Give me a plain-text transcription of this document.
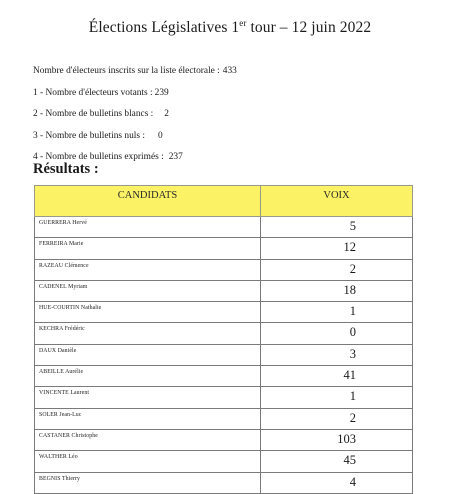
Élections Législatives 1er tour – 12 juin 2022
Nombre d'électeurs inscrits sur la liste électorale : 433
1 - Nombre d'électeurs votants : 239
2 - Nombre de bulletins blancs : 2
3 - Nombre de bulletins nuls : 0
4 - Nombre de bulletins exprimés : 237
Résultats :
CANDIDATS	VOIX
GUERRERA Hervé	5
FERREIRA Marie	12
RAZEAU Clémence	2
CADENEL Myriam	18
HUE-COURTIN Nathalie	1
KECHRA Frédéric	0
DAUX Danièle	3
ABEILLE Aurélie	41
VINCENTE Laurent	1
SOLER Jean-Luc	2
CASTANER Christophe	103
WALTHER Léo	45
BEGNIS Thierry	4
